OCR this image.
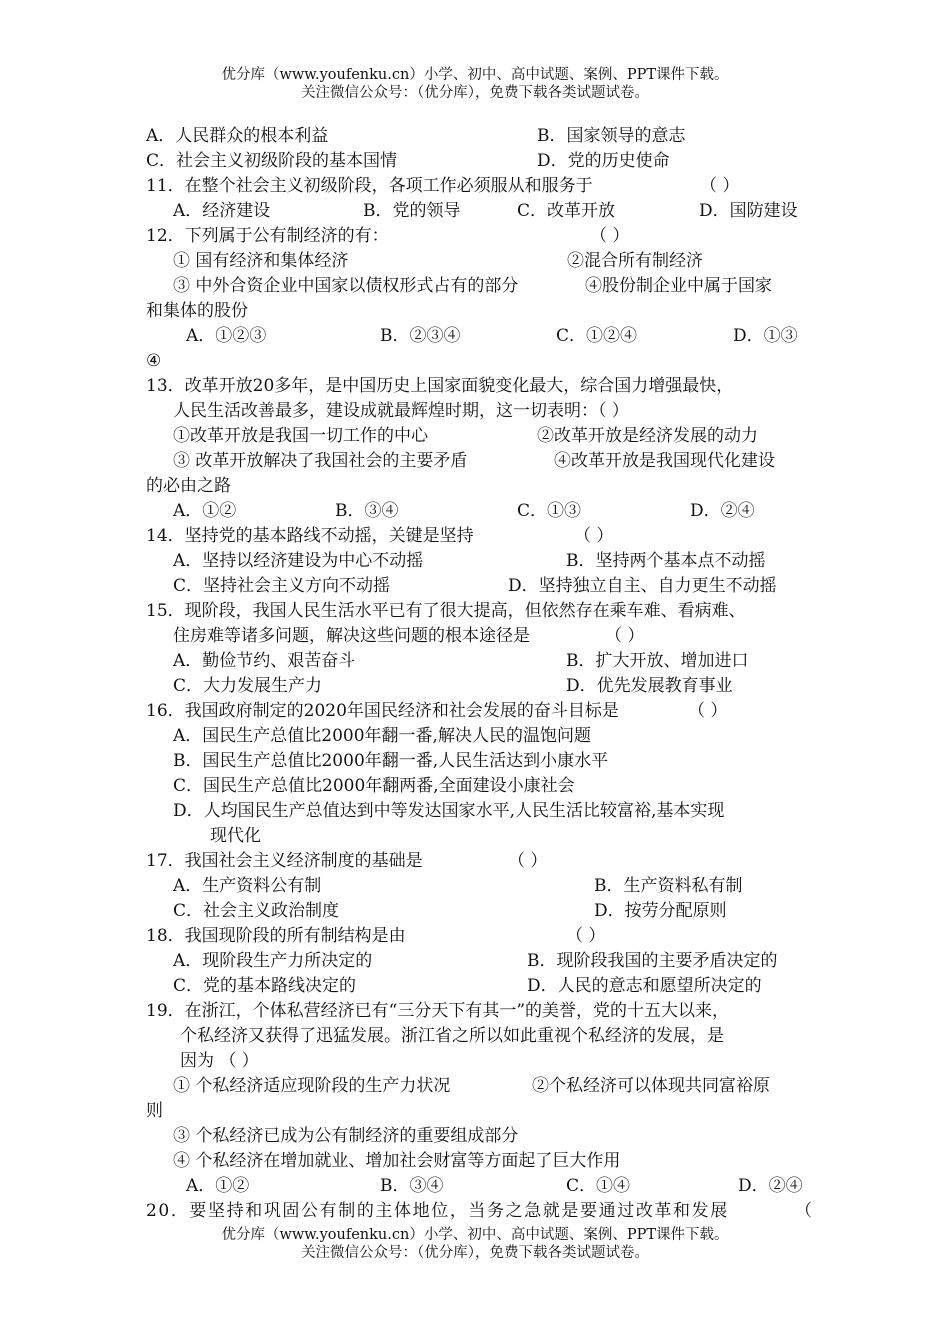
优分库（www.youfenku.cn）小学、初中、高中试题、案例、PPT课件下载。
关注微信公众号：（优分库），免费下载各类试题试卷。
A．人民群众的根本利益	B．国家领导的意志
C．社会主义初级阶段的基本国情	D．党的历史使命
11．在整个社会主义初级阶段，各项工作必须服从和服务于	（ ）
A．经济建设	B．党的领导	C．改革开放	D．国防建设
12．下列属于公有制经济的有：	（ ）
① 国有经济和集体经济	②混合所有制经济
③ 中外合资企业中国家以债权形式占有的部分	④股份制企业中属于国家
和集体的股份
A．①②③	B．②③④	C．①②④	D．①③
④
13．改革开放20多年，是中国历史上国家面貌变化最大，综合国力增强最快，
人民生活改善最多，建设成就最辉煌时期，这一切表明：（ ）
①改革开放是我国一切工作的中心	②改革开放是经济发展的动力
③ 改革开放解决了我国社会的主要矛盾	④改革开放是我国现代化建设
的必由之路
A．①②	B．③④	C．①③	D．②④
14．坚持党的基本路线不动摇，关键是坚持	（ ）
A．坚持以经济建设为中心不动摇	B．坚持两个基本点不动摇
C．坚持社会主义方向不动摇	D．坚持独立自主、自力更生不动摇
15．现阶段，我国人民生活水平已有了很大提高，但依然存在乘车难、看病难、
住房难等诸多问题，解决这些问题的根本途径是	（ ）
A．勤俭节约、艰苦奋斗	B．扩大开放、增加进口
C．大力发展生产力	D．优先发展教育事业
16．我国政府制定的2020年国民经济和社会发展的奋斗目标是	（ ）
A．国民生产总值比2000年翻一番,解决人民的温饱问题
B．国民生产总值比2000年翻一番,人民生活达到小康水平
C．国民生产总值比2000年翻两番,全面建设小康社会
D．人均国民生产总值达到中等发达国家水平,人民生活比较富裕,基本实现
现代化
17．我国社会主义经济制度的基础是	（ ）
A．生产资料公有制	B．生产资料私有制
C．社会主义政治制度	D．按劳分配原则
18．我国现阶段的所有制结构是由	（ ）
A．现阶段生产力所决定的	B．现阶段我国的主要矛盾决定的
C．党的基本路线决定的	D．人民的意志和愿望所决定的
19．在浙江，个体私营经济已有“三分天下有其一”的美誉，党的十五大以来，
个私经济又获得了迅猛发展。浙江省之所以如此重视个私经济的发展，是
因为 （ ）
① 个私经济适应现阶段的生产力状况	②个私经济可以体现共同富裕原
则
③ 个私经济已成为公有制经济的重要组成部分
④ 个私经济在增加就业、增加社会财富等方面起了巨大作用
A．①②	B．③④	C．①④	D．②④
20．要坚持和巩固公有制的主体地位，当务之急就是要通过改革和发展	（
优分库（www.youfenku.cn）小学、初中、高中试题、案例、PPT课件下载。
关注微信公众号：（优分库），免费下载各类试题试卷。
